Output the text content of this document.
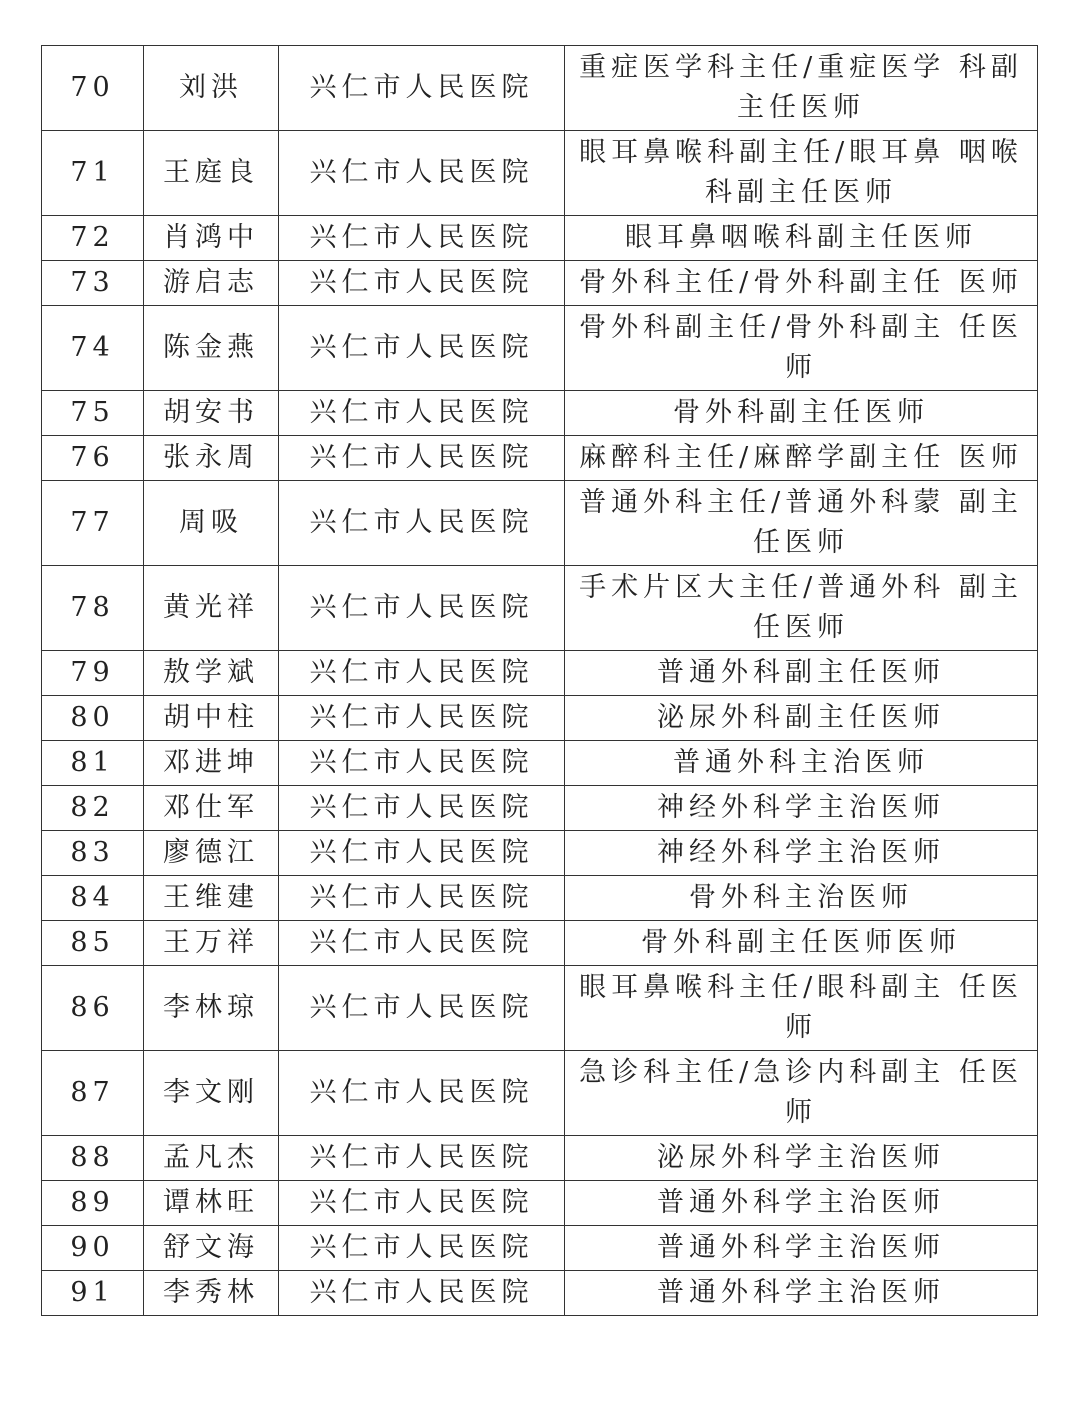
70	刘洪	兴仁市人民医院	重症医学科主任/重症医学 科副主任医师
71	王庭良	兴仁市人民医院	眼耳鼻喉科副主任/眼耳鼻 咽喉科副主任医师
72	肖鸿中	兴仁市人民医院	眼耳鼻咽喉科副主任医师
73	游启志	兴仁市人民医院	骨外科主任/骨外科副主任 医师
74	陈金燕	兴仁市人民医院	骨外科副主任/骨外科副主 任医师
75	胡安书	兴仁市人民医院	骨外科副主任医师
76	张永周	兴仁市人民医院	麻醉科主任/麻醉学副主任 医师
77	周吸	兴仁市人民医院	普通外科主任/普通外科蒙 副主任医师
78	黄光祥	兴仁市人民医院	手术片区大主任/普通外科 副主任医师
79	敖学斌	兴仁市人民医院	普通外科副主任医师
80	胡中柱	兴仁市人民医院	泌尿外科副主任医师
81	邓进坤	兴仁市人民医院	普通外科主治医师
82	邓仕军	兴仁市人民医院	神经外科学主治医师
83	廖德江	兴仁市人民医院	神经外科学主治医师
84	王维建	兴仁市人民医院	骨外科主治医师
85	王万祥	兴仁市人民医院	骨外科副主任医师医师
86	李林琼	兴仁市人民医院	眼耳鼻喉科主任/眼科副主 任医师
87	李文刚	兴仁市人民医院	急诊科主任/急诊内科副主 任医师
88	孟凡杰	兴仁市人民医院	泌尿外科学主治医师
89	谭林旺	兴仁市人民医院	普通外科学主治医师
90	舒文海	兴仁市人民医院	普通外科学主治医师
91	李秀林	兴仁市人民医院	普通外科学主治医师
